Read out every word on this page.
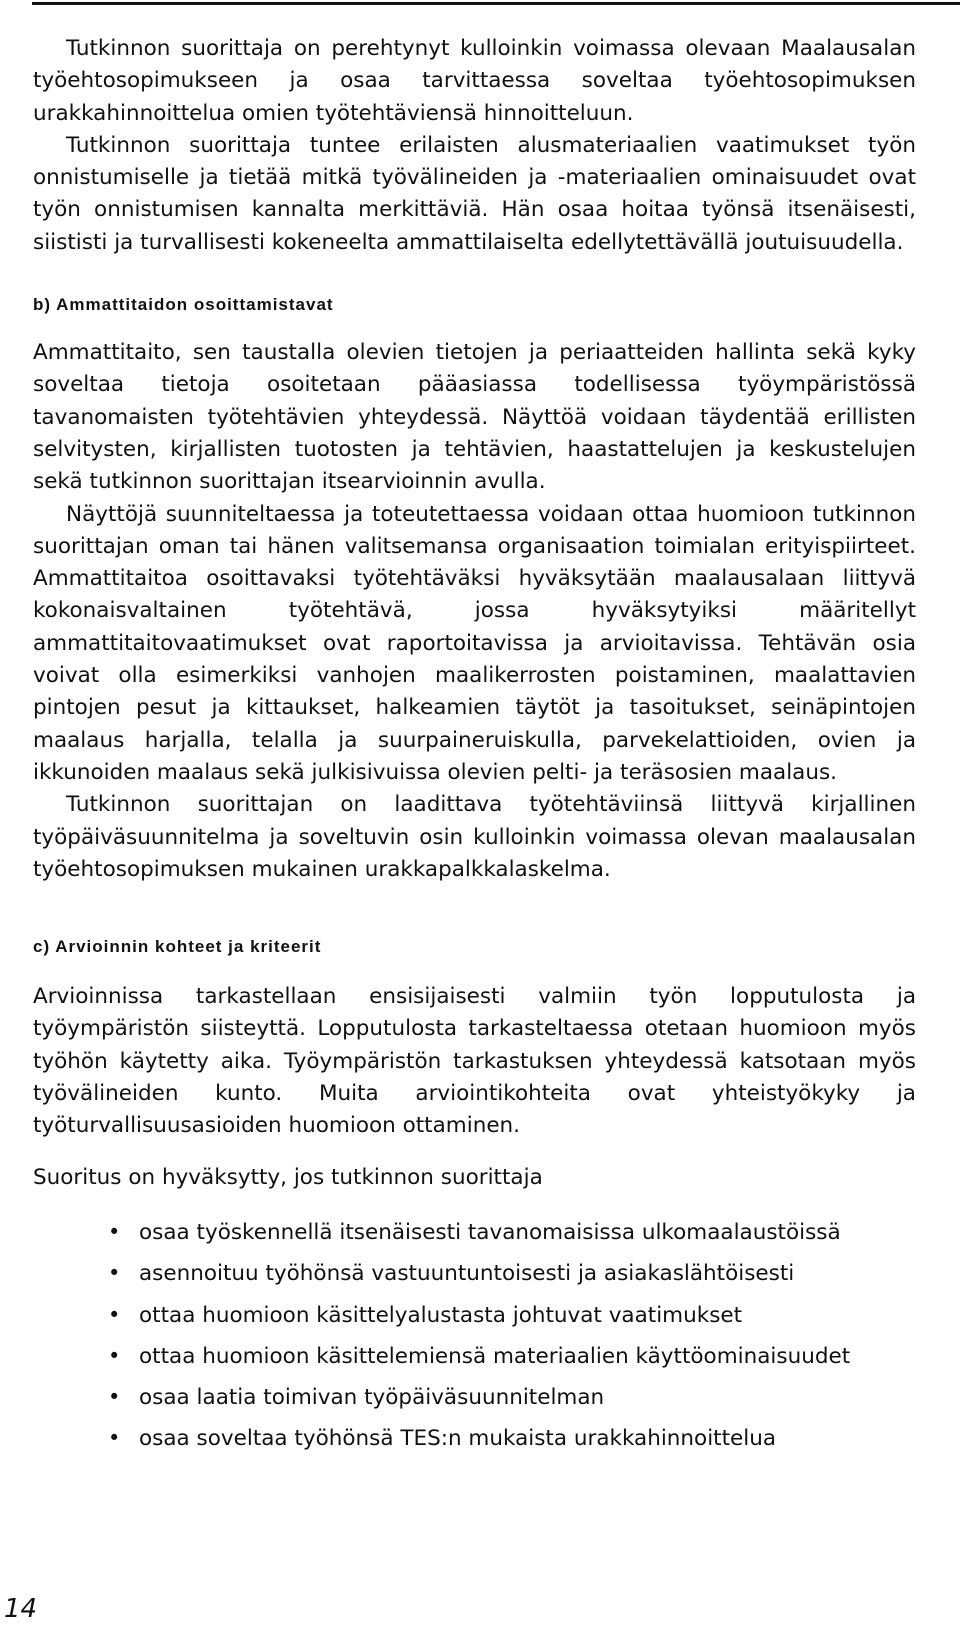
Tutkinnon suorittaja on perehtynyt kulloinkin voimassa olevaan Maalausalan työehtosopimukseen ja osaa tarvittaessa soveltaa työehtosopimuksen urakkahinnoittelua omien työtehtäviensä hinnoitteluun.

Tutkinnon suorittaja tuntee erilaisten alusmateriaalien vaatimukset työn onnistumiselle ja tietää mitkä työvälineiden ja -materiaalien ominaisuudet ovat työn onnistumisen kannalta merkittäviä. Hän osaa hoitaa työnsä itsenäisesti, siististi ja turvallisesti kokeneelta ammattilaiselta edellytettävällä joutuisuudella.

b) Ammattitaidon osoittamistavat

Ammattitaito, sen taustalla olevien tietojen ja periaatteiden hallinta sekä kyky soveltaa tietoja osoitetaan pääasiassa todellisessa työympäristössä tavanomaisten työtehtävien yhteydessä. Näyttöä voidaan täydentää erillisten selvitysten, kirjallisten tuotosten ja tehtävien, haastattelujen ja keskustelujen sekä tutkinnon suorittajan itsearvioinnin avulla.

Näyttöjä suunniteltaessa ja toteutettaessa voidaan ottaa huomioon tutkinnon suorittajan oman tai hänen valitsemansa organisaation toimialan erityispiirteet. Ammattitaitoa osoittavaksi työtehtäväksi hyväksytään maalausalaan liittyvä kokonaisvaltainen työtehtävä, jossa hyväksytyiksi määritellyt ammattitaitovaatimukset ovat raportoitavissa ja arvioitavissa. Tehtävän osia voivat olla esimerkiksi vanhojen maalikerrosten poistaminen, maalattavien pintojen pesut ja kittaukset, halkeamien täytöt ja tasoitukset, seinäpintojen maalaus harjalla, telalla ja suurpaineruiskulla, parvekelattioiden, ovien ja ikkunoiden maalaus sekä julkisivuissa olevien pelti- ja teräsosien maalaus.

Tutkinnon suorittajan on laadittava työtehtäviinsä liittyvä kirjallinen työpäiväsuunnitelma ja soveltuvin osin kulloinkin voimassa olevan maalausalan työehtosopimuksen mukainen urakkapalkkalaskelma.

c) Arvioinnin kohteet ja kriteerit

Arvioinnissa tarkastellaan ensisijaisesti valmiin työn lopputulosta ja työympäristön siisteyttä. Lopputulosta tarkasteltaessa otetaan huomioon myös työhön käytetty aika. Työympäristön tarkastuksen yhteydessä katsotaan myös työvälineiden kunto. Muita arviointikohteita ovat yhteistyökyky ja työturvallisuusasioiden huomioon ottaminen.

Suoritus on hyväksytty, jos tutkinnon suorittaja

• osaa työskennellä itsenäisesti tavanomaisissa ulkomaalaustöissä
• asennoituu työhönsä vastuuntuntoisesti ja asiakaslähtöisesti
• ottaa huomioon käsittelyalustasta johtuvat vaatimukset
• ottaa huomioon käsittelemiensä materiaalien käyttöominaisuudet
• osaa laatia toimivan työpäiväsuunnitelman
• osaa soveltaa työhönsä TES:n mukaista urakkahinnoittelua
14
